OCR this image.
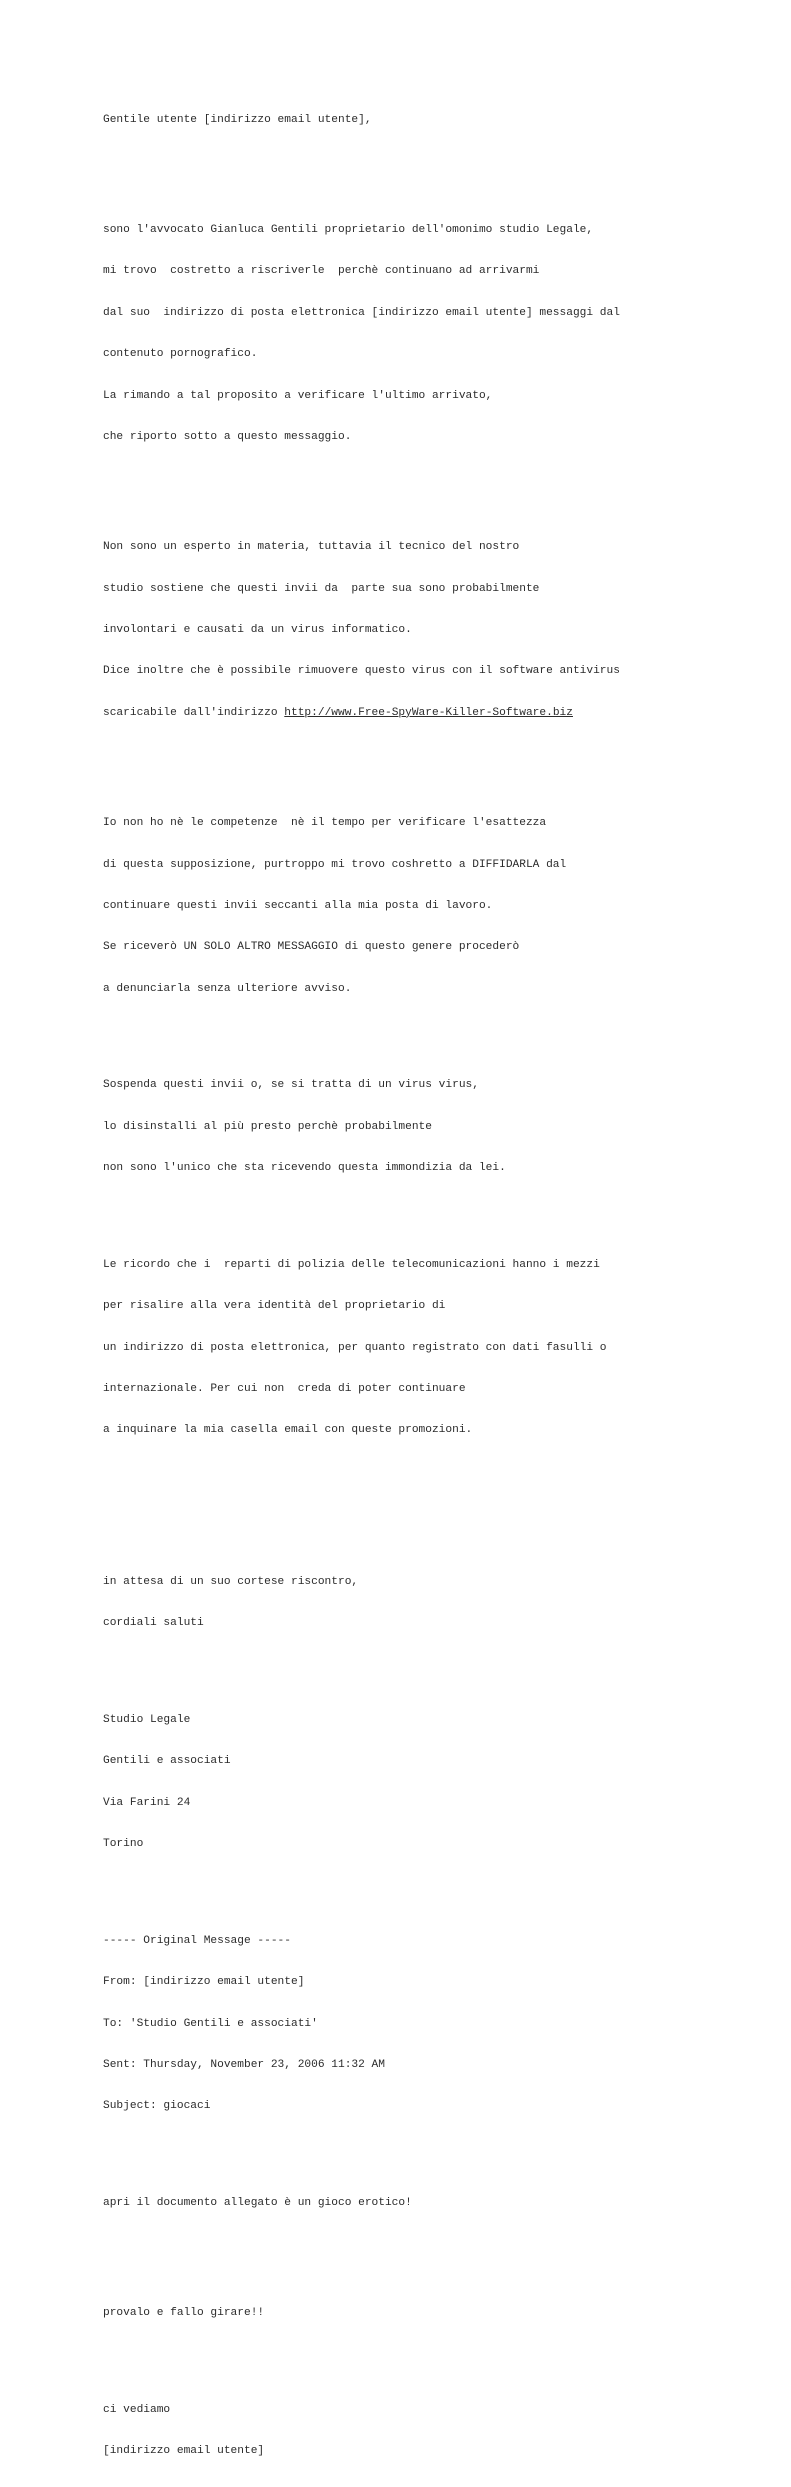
Gentile utente [indirizzo email utente],

sono l'avvocato Gianluca Gentili proprietario dell'omonimo studio Legale,

mi trovo  costretto a riscriverle  perchè continuano ad arrivarmi

dal suo  indirizzo di posta elettronica [indirizzo email utente] messaggi dal

contenuto pornografico.

La rimando a tal proposito a verificare l'ultimo arrivato,

che riporto sotto a questo messaggio.

Non sono un esperto in materia, tuttavia il tecnico del nostro

studio sostiene che questi invii da  parte sua sono probabilmente

involontari e causati da un virus informatico.

Dice inoltre che è possibile rimuovere questo virus con il software antivirus

scaricabile dall'indirizzo http://www.Free-SpyWare-Killer-Software.biz

Io non ho nè le competenze  nè il tempo per verificare l'esattezza

di questa supposizione, purtroppo mi trovo coshretto a DIFFIDARLA dal

continuare questi invii seccanti alla mia posta di lavoro.

Se riceverò UN SOLO ALTRO MESSAGGIO di questo genere procederò

a denunciarla senza ulteriore avviso.

Sospenda questi invii o, se si tratta di un virus virus,

lo disinstalli al più presto perchè probabilmente

non sono l'unico che sta ricevendo questa immondizia da lei.

Le ricordo che i  reparti di polizia delle telecomunicazioni hanno i mezzi

per risalire alla vera identità del proprietario di

un indirizzo di posta elettronica, per quanto registrato con dati fasulli o

internazionale. Per cui non  creda di poter continuare

a inquinare la mia casella email con queste promozioni.

in attesa di un suo cortese riscontro,

cordiali saluti

Studio Legale

Gentili e associati

Via Farini 24

Torino

----- Original Message -----

From: [indirizzo email utente]

To: 'Studio Gentili e associati'

Sent: Thursday, November 23, 2006 11:32 AM

Subject: giocaci

apri il documento allegato è un gioco erotico!

provalo e fallo girare!!

ci vediamo

[indirizzo email utente]
